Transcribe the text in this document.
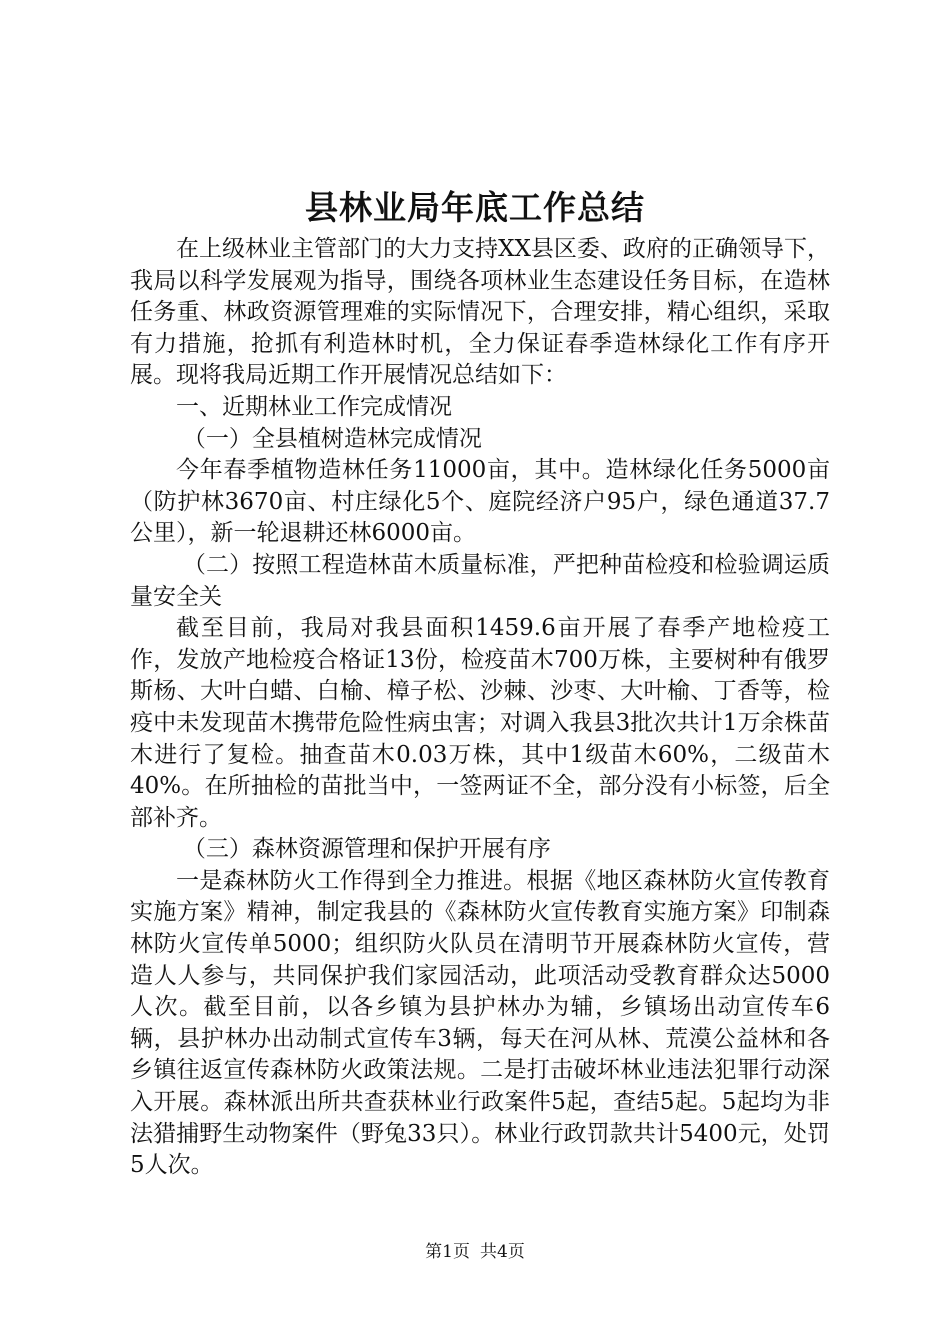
县林业局年底工作总结

在上级林业主管部门的大力支持XX县区委、政府的正确领导下，我局以科学发展观为指导，围绕各项林业生态建设任务目标，在造林任务重、林政资源管理难的实际情况下，合理安排，精心组织，采取有力措施，抢抓有利造林时机，全力保证春季造林绿化工作有序开展。现将我局近期工作开展情况总结如下：

一、近期林业工作完成情况

（一）全县植树造林完成情况

今年春季植物造林任务11000亩，其中。造林绿化任务5000亩（防护林3670亩、村庄绿化5个、庭院经济户95户，绿色通道37.7公里），新一轮退耕还林6000亩。

（二）按照工程造林苗木质量标准，严把种苗检疫和检验调运质量安全关

截至目前，我局对我县面积1459.6亩开展了春季产地检疫工作，发放产地检疫合格证13份，检疫苗木700万株，主要树种有俄罗斯杨、大叶白蜡、白榆、樟子松、沙棘、沙枣、大叶榆、丁香等，检疫中未发现苗木携带危险性病虫害；对调入我县3批次共计1万余株苗木进行了复检。抽查苗木0.03万株，其中1级苗木60%，二级苗木40%。在所抽检的苗批当中，一签两证不全，部分没有小标签，后全部补齐。

（三）森林资源管理和保护开展有序

一是森林防火工作得到全力推进。根据《地区森林防火宣传教育实施方案》精神，制定我县的《森林防火宣传教育实施方案》印制森林防火宣传单5000；组织防火队员在清明节开展森林防火宣传，营造人人参与，共同保护我们家园活动，此项活动受教育群众达5000人次。截至目前，以各乡镇为县护林办为辅，乡镇场出动宣传车6辆，县护林办出动制式宣传车3辆，每天在河从林、荒漠公益林和各乡镇往返宣传森林防火政策法规。二是打击破坏林业违法犯罪行动深入开展。森林派出所共查获林业行政案件5起，查结5起。5起均为非法猎捕野生动物案件（野兔33只）。林业行政罚款共计5400元，处罚5人次。

第1页 共4页
